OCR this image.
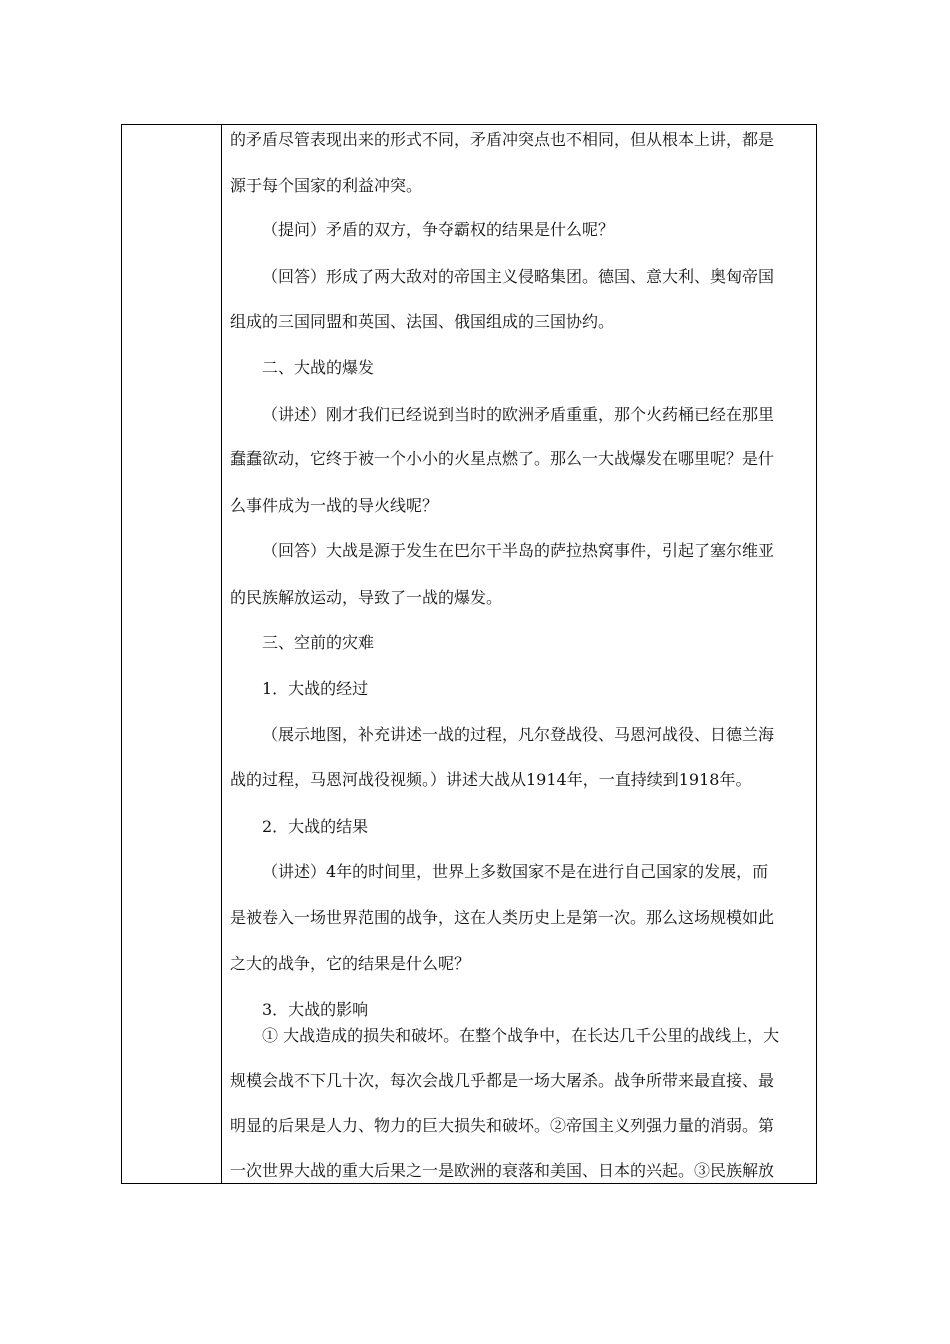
的矛盾尽管表现出来的形式不同，矛盾冲突点也不相同，但从根本上讲，都是
源于每个国家的利益冲突。
（提问）矛盾的双方，争夺霸权的结果是什么呢？
（回答）形成了两大敌对的帝国主义侵略集团。德国、意大利、奥匈帝国
组成的三国同盟和英国、法国、俄国组成的三国协约。
二、大战的爆发
（讲述）刚才我们已经说到当时的欧洲矛盾重重，那个火药桶已经在那里
蠢蠢欲动，它终于被一个小小的火星点燃了。那么一大战爆发在哪里呢？是什
么事件成为一战的导火线呢？
（回答）大战是源于发生在巴尔干半岛的萨拉热窝事件，引起了塞尔维亚
的民族解放运动，导致了一战的爆发。
三、空前的灾难
1．大战的经过
（展示地图，补充讲述一战的过程，凡尔登战役、马恩河战役、日德兰海
战的过程，马恩河战役视频。）讲述大战从1914年，一直持续到1918年。
2．大战的结果
（讲述）4年的时间里，世界上多数国家不是在进行自己国家的发展，而
是被卷入一场世界范围的战争，这在人类历史上是第一次。那么这场规模如此
之大的战争，它的结果是什么呢？
3．大战的影响
① 大战造成的损失和破坏。在整个战争中，在长达几千公里的战线上，大
规模会战不下几十次，每次会战几乎都是一场大屠杀。战争所带来最直接、最
明显的后果是人力、物力的巨大损失和破坏。②帝国主义列强力量的消弱。第
一次世界大战的重大后果之一是欧洲的衰落和美国、日本的兴起。③民族解放
